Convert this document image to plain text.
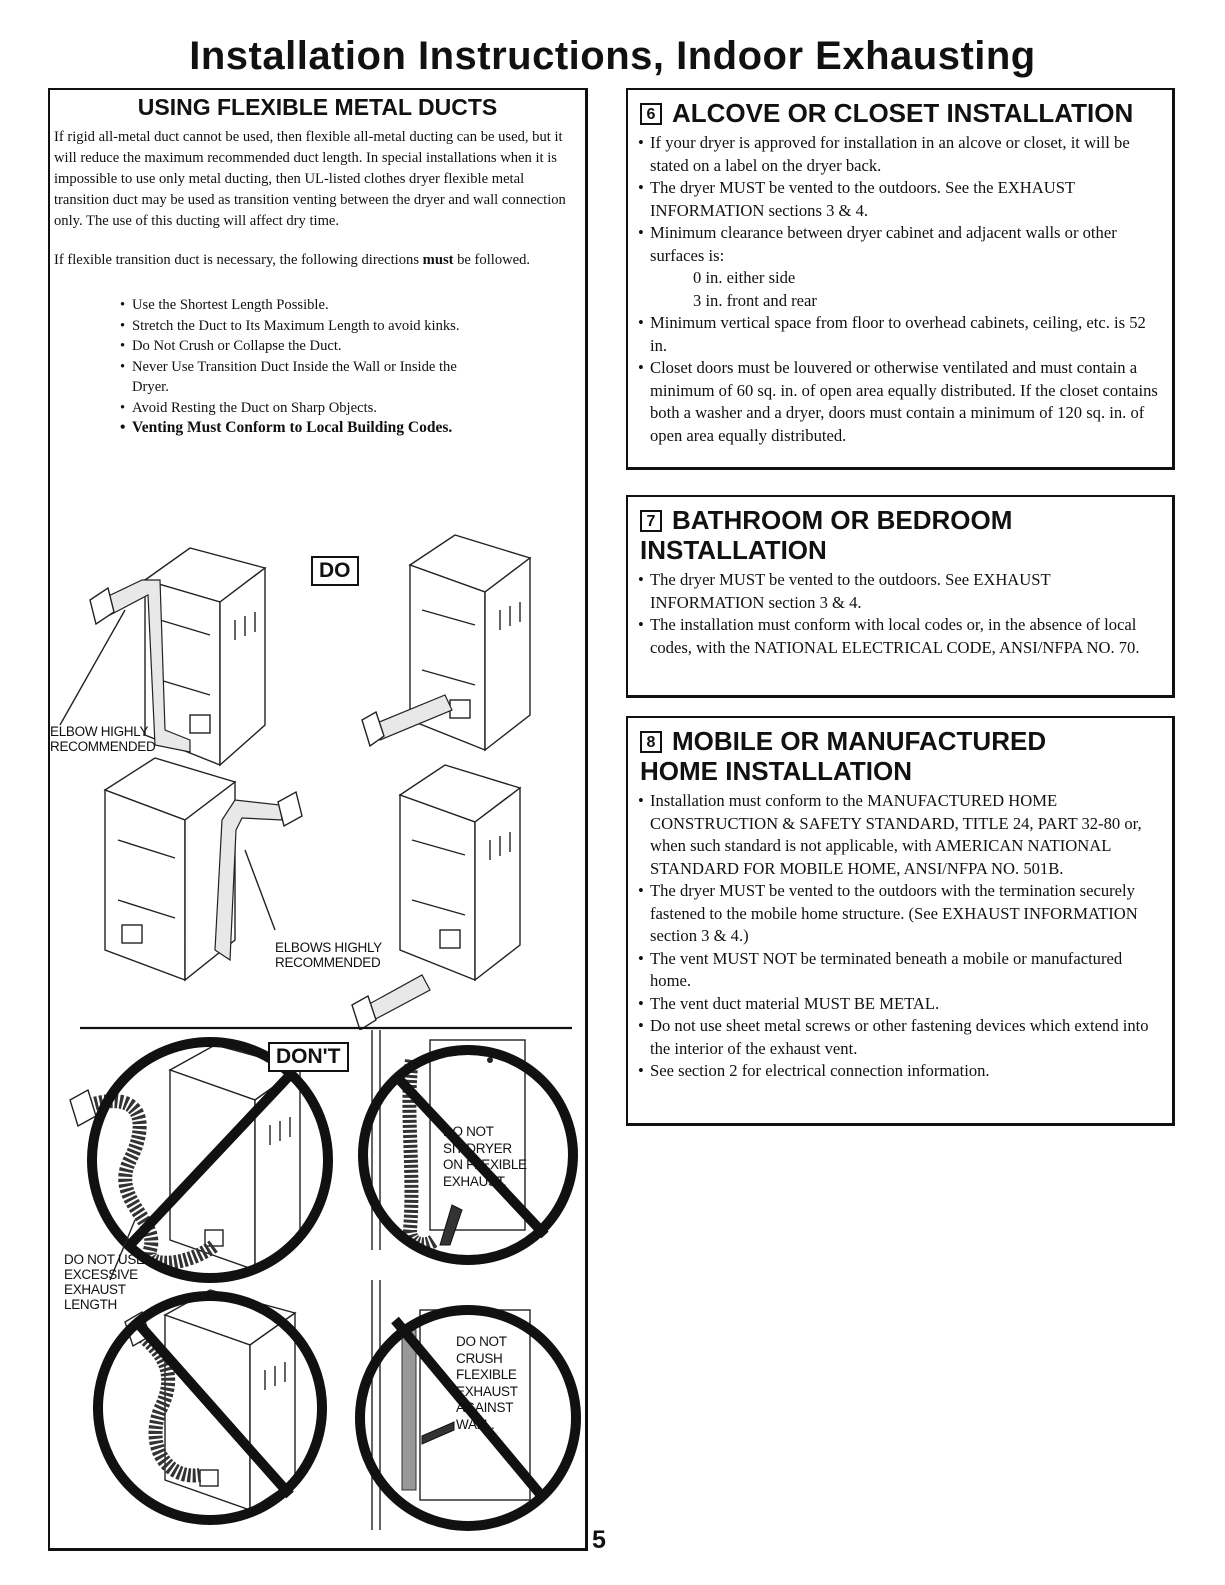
Installation Instructions, Indoor Exhausting
USING FLEXIBLE METAL DUCTS

If rigid all-metal duct cannot be used, then flexible all-metal ducting can be used, but it will reduce the maximum recommended duct length. In special installations when it is impossible to use only metal ducting, then UL-listed clothes dryer flexible metal transition duct may be used as transition venting between the dryer and wall connection only. The use of this ducting will affect dry time.

If flexible transition duct is necessary, the following directions must be followed.

• Use the Shortest Length Possible.
• Stretch the Duct to Its Maximum Length to avoid kinks.
• Do Not Crush or Collapse the Duct.
• Never Use Transition Duct Inside the Wall or Inside the Dryer.
• Avoid Resting the Duct on Sharp Objects.
• Venting Must Conform to Local Building Codes.
DO
ELBOW HIGHLY
RECOMMENDED
ELBOWS HIGHLY
RECOMMENDED
DON'T
DO NOT
SIT DRYER
ON FLEXIBLE
EXHAUST.
DO NOT USE
EXCESSIVE
EXHAUST
LENGTH
DO NOT
CRUSH
FLEXIBLE
EXHAUST
AGAINST
WALL.
6 ALCOVE OR CLOSET INSTALLATION
• If your dryer is approved for installation in an alcove or closet, it will be stated on a label on the dryer back.
• The dryer MUST be vented to the outdoors. See the EXHAUST INFORMATION sections 3 & 4.
• Minimum clearance between dryer cabinet and adjacent walls or other surfaces is:
0 in. either side
3 in. front and rear
• Minimum vertical space from floor to overhead cabinets, ceiling, etc. is 52 in.
• Closet doors must be louvered or otherwise ventilated and must contain a minimum of 60 sq. in. of open area equally distributed. If the closet contains both a washer and a dryer, doors must contain a minimum of 120 sq. in. of open area equally distributed.
7 BATHROOM OR BEDROOM
INSTALLATION
• The dryer MUST be vented to the outdoors. See EXHAUST INFORMATION section 3 & 4.
• The installation must conform with local codes or, in the absence of local codes, with the NATIONAL ELECTRICAL CODE, ANSI/NFPA NO. 70.
8 MOBILE OR MANUFACTURED
HOME INSTALLATION
• Installation must conform to the MANUFACTURED HOME CONSTRUCTION & SAFETY STANDARD, TITLE 24, PART 32-80 or, when such standard is not applicable, with AMERICAN NATIONAL STANDARD FOR MOBILE HOME, ANSI/NFPA NO. 501B.
• The dryer MUST be vented to the outdoors with the termination securely fastened to the mobile home structure. (See EXHAUST INFORMATION section 3 & 4.)
• The vent MUST NOT be terminated beneath a mobile or manufactured home.
• The vent duct material MUST BE METAL.
• Do not use sheet metal screws or other fastening devices which extend into the interior of the exhaust vent.
• See section 2 for electrical connection information.
5
